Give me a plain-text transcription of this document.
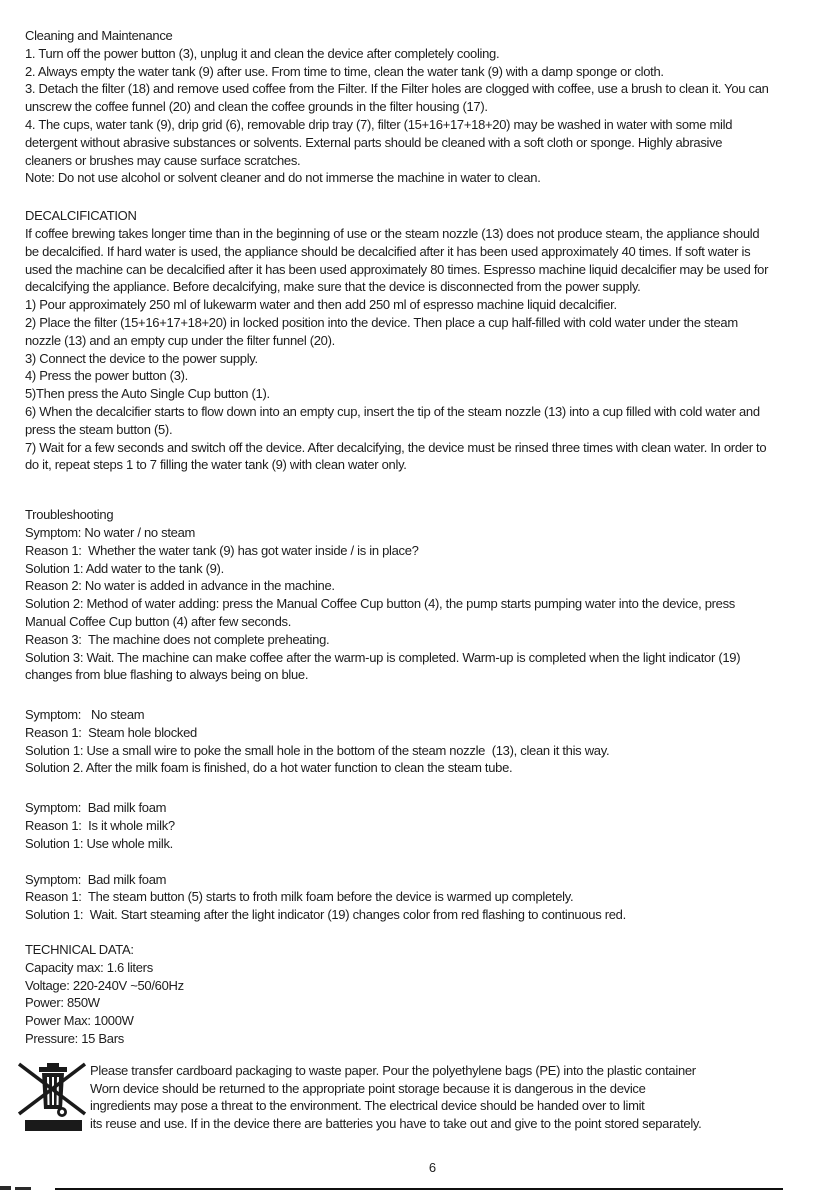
Cleaning and Maintenance
1. Turn off the power button (3), unplug it and clean the device after completely cooling.
2. Always empty the water tank (9) after use. From time to time, clean the water tank (9) with a damp sponge or cloth.
3. Detach the filter (18) and remove used coffee from the Filter. If the Filter holes are clogged with coffee, use a brush to clean it. You can
unscrew the coffee funnel (20) and clean the coffee grounds in the filter housing (17).
4. The cups, water tank (9), drip grid (6), removable drip tray (7), filter (15+16+17+18+20) may be washed in water with some mild
detergent without abrasive substances or solvents. External parts should be cleaned with a soft cloth or sponge. Highly abrasive
cleaners or brushes may cause surface scratches.
Note: Do not use alcohol or solvent cleaner and do not immerse the machine in water to clean.
DECALCIFICATION
If coffee brewing takes longer time than in the beginning of use or the steam nozzle (13) does not produce steam, the appliance should
be decalcified. If hard water is used, the appliance should be decalcified after it has been used approximately 40 times. If soft water is
used the machine can be decalcified after it has been used approximately 80 times. Espresso machine liquid decalcifier may be used for
decalcifying the appliance. Before decalcifying, make sure that the device is disconnected from the power supply.
1) Pour approximately 250 ml of lukewarm water and then add 250 ml of espresso machine liquid decalcifier.
2) Place the filter (15+16+17+18+20) in locked position into the device. Then place a cup half-filled with cold water under the steam
nozzle (13) and an empty cup under the filter funnel (20).
3) Connect the device to the power supply.
4) Press the power button (3).
5)Then press the Auto Single Cup button (1).
6) When the decalcifier starts to flow down into an empty cup, insert the tip of the steam nozzle (13) into a cup filled with cold water and
press the steam button (5).
7) Wait for a few seconds and switch off the device. After decalcifying, the device must be rinsed three times with clean water. In order to
do it, repeat steps 1 to 7 filling the water tank (9) with clean water only.
Troubleshooting
Symptom: No water / no steam
Reason 1:  Whether the water tank (9) has got water inside / is in place?
Solution 1: Add water to the tank (9).
Reason 2: No water is added in advance in the machine.
Solution 2: Method of water adding: press the Manual Coffee Cup button (4), the pump starts pumping water into the device, press
Manual Coffee Cup button (4) after few seconds.
Reason 3:  The machine does not complete preheating.
Solution 3: Wait. The machine can make coffee after the warm-up is completed. Warm-up is completed when the light indicator (19)
changes from blue flashing to always being on blue.
Symptom:   No steam
Reason 1:  Steam hole blocked
Solution 1: Use a small wire to poke the small hole in the bottom of the steam nozzle  (13), clean it this way.
Solution 2. After the milk foam is finished, do a hot water function to clean the steam tube.
Symptom:  Bad milk foam
Reason 1:  Is it whole milk?
Solution 1: Use whole milk.
Symptom:  Bad milk foam
Reason 1:  The steam button (5) starts to froth milk foam before the device is warmed up completely.
Solution 1:  Wait. Start steaming after the light indicator (19) changes color from red flashing to continuous red.
TECHNICAL DATA:
Capacity max: 1.6 liters
Voltage: 220-240V ~50/60Hz
Power: 850W
Power Max: 1000W
Pressure: 15 Bars
Please transfer cardboard packaging to waste paper. Pour the polyethylene bags (PE) into the plastic container
Worn device should be returned to the appropriate point storage because it is dangerous in the device
ingredients may pose a threat to the environment. The electrical device should be handed over to limit
its reuse and use. If in the device there are batteries you have to take out and give to the point stored separately.
6
